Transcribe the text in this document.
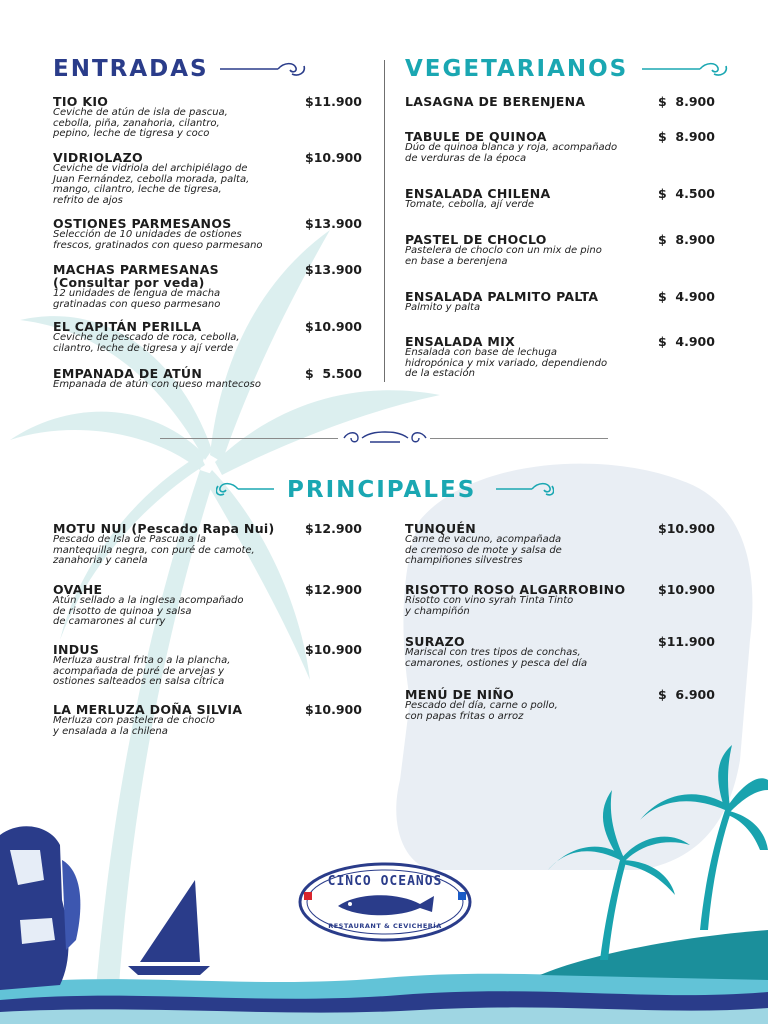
ENTRADAS
TIO KIO
Ceviche de atún de isla de pascua,
cebolla, piña, zanahoria, cilantro,
pepino, leche de tigresa y coco
$11.900
VIDRIOLAZO
Ceviche de vidriola del archipiélago de
Juan Fernández, cebolla morada, palta,
mango, cilantro, leche de tigresa,
refrito de ajos
$10.900
OSTIONES PARMESANOS
Selección de 10 unidades de ostiones
frescos, gratinados con queso parmesano
$13.900
MACHAS PARMESANAS
(Consultar por veda)
12 unidades de lengua de macha
gratinadas con queso parmesano
$13.900
EL CAPITÁN PERILLA
Ceviche de pescado de roca, cebolla,
cilantro, leche de tigresa y ají verde
$10.900
EMPANADA DE ATÚN
Empanada de atún con queso mantecoso
$  5.500
VEGETARIANOS
LASAGNA DE BERENJENA	$  8.900
TABULE DE QUINOA
Dúo de quinoa blanca y roja, acompañado
de verduras de la época
$  8.900
ENSALADA CHILENA
Tomate, cebolla, ají verde
$  4.500
PASTEL DE CHOCLO
Pastelera de choclo con un mix de pino
en base a berenjena
$  8.900
ENSALADA PALMITO PALTA
Palmito y palta
$  4.900
ENSALADA MIX
Ensalada con base de lechuga
hidropónica y mix variado, dependiendo
de la estación
$  4.900
PRINCIPALES
MOTU NUI (Pescado Rapa Nui)
Pescado de Isla de Pascua a la
mantequilla negra, con puré de camote,
zanahoria y canela
$12.900
OVAHE
Atún sellado a la inglesa acompañado
de risotto de quinoa y salsa
de camarones al curry
$12.900
INDUS
Merluza austral frita o a la plancha,
acompañada de puré de arvejas y
ostiones salteados en salsa cítrica
$10.900
LA MERLUZA DOÑA SILVIA
Merluza con pastelera de choclo
y ensalada a la chilena
$10.900
TUNQUÉN
Carne de vacuno, acompañada
de cremoso de mote y salsa de
champiñones silvestres
$10.900
RISOTTO ROSO ALGARROBINO
Risotto con vino syrah Tinta Tinto
y champiñón
$10.900
SURAZO
Mariscal con tres tipos de conchas,
camarones, ostiones y pesca del día
$11.900
MENÚ DE NIÑO
Pescado del día, carne o pollo,
con papas fritas o arroz
$  6.900
CINCO OCEANOS
RESTAURANT & CEVICHERÍA
